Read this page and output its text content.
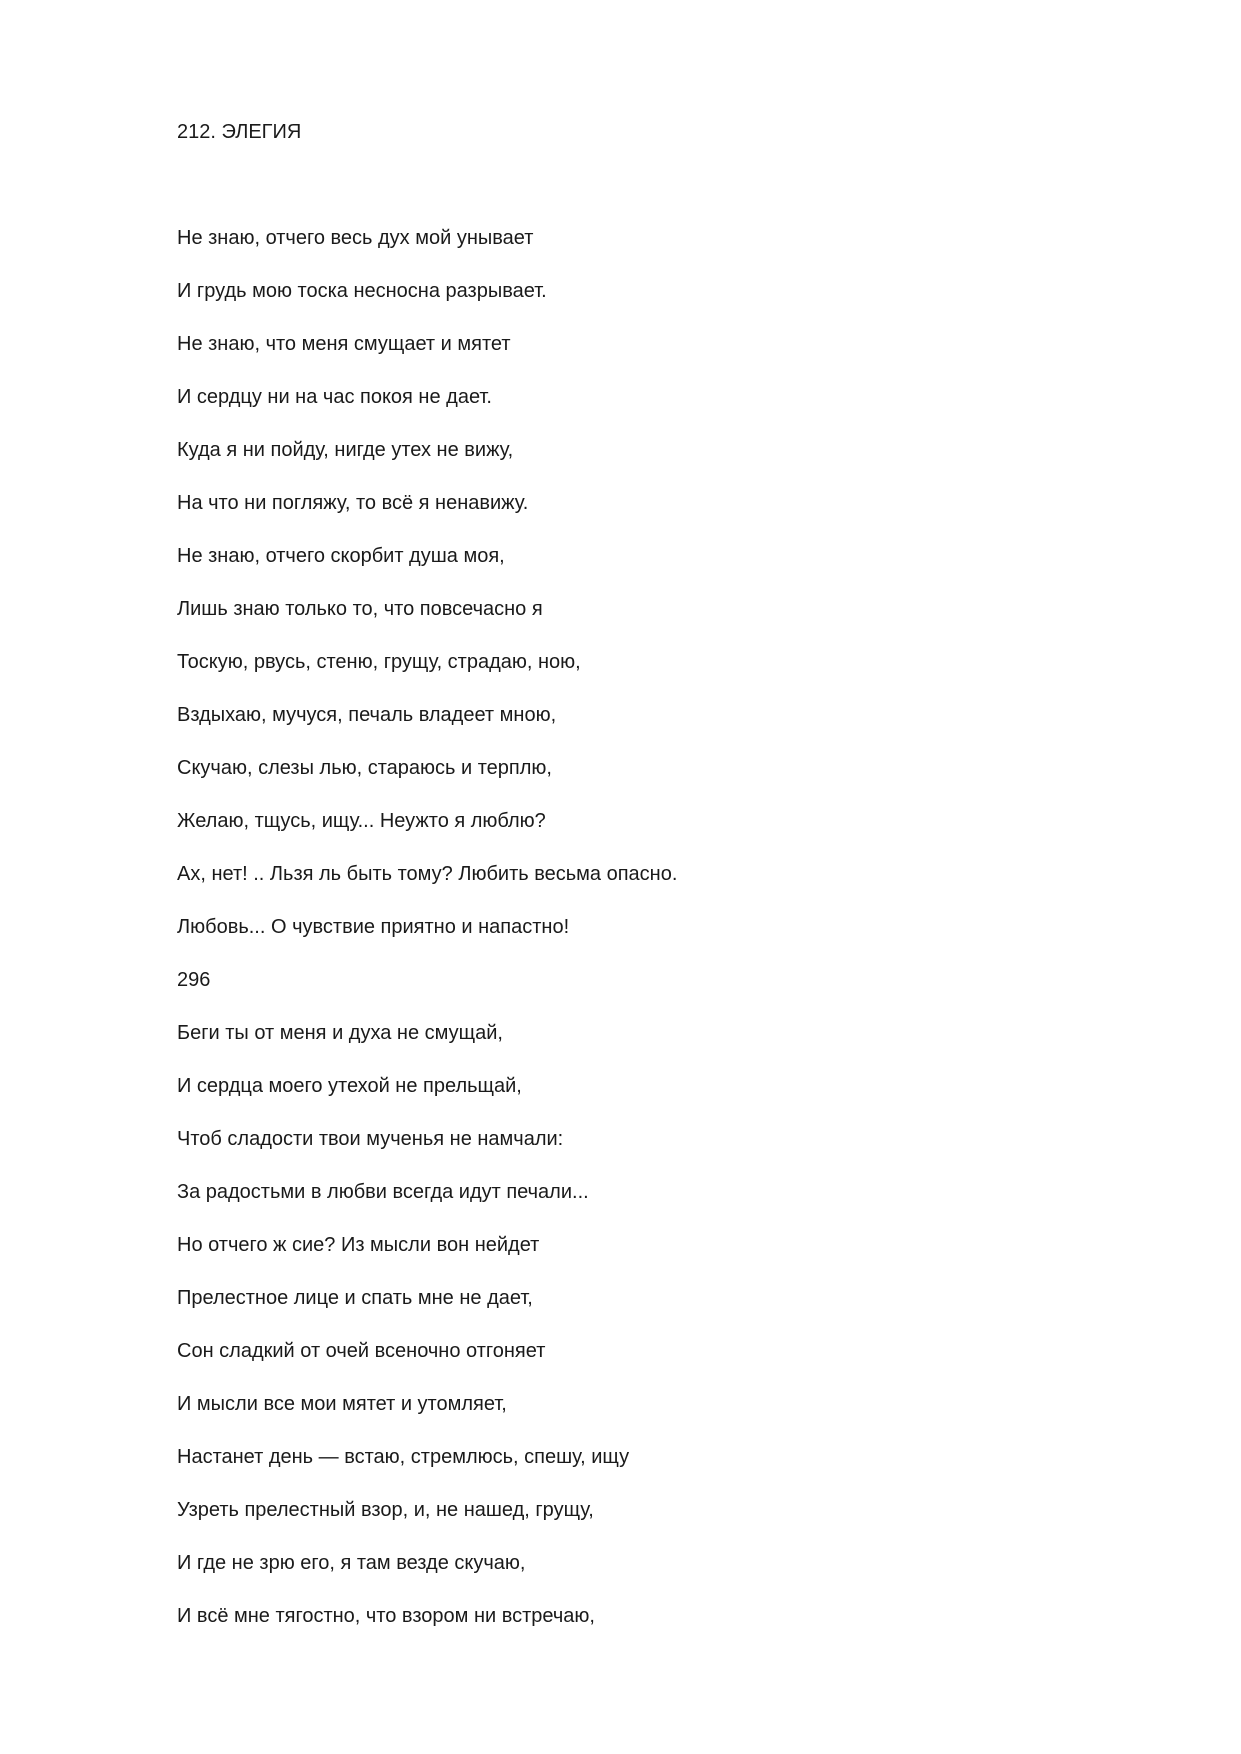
212. ЭЛЕГИЯ
Не знаю, отчего весь дух мой унывает
И грудь мою тоска несносна разрывает.
Не знаю, что меня смущает и мятет
И сердцу ни на час покоя не дает.
Куда я ни пойду, нигде утех не вижу,
На что ни погляжу, то всё я ненавижу.
Не знаю, отчего скорбит душа моя,
Лишь знаю только то, что повсечасно я
Тоскую, рвусь, стеню, грущу, страдаю, ною,
Вздыхаю, мучуся, печаль владеет мною,
Скучаю, слезы лью, стараюсь и терплю,
Желаю, тщусь, ищу... Неужто я люблю?
Ах, нет! .. Льзя ль быть тому? Любить весьма опасно.
Любовь... О чувствие приятно и напастно!
296
Беги ты от меня и духа не смущай,
И сердца моего утехой не прельщай,
Чтоб сладости твои мученья не намчали:
За радостьми в любви всегда идут печали...
Но отчего ж сие? Из мысли вон нейдет
Прелестное лице и спать мне не дает,
Сон сладкий от очей всеночно отгоняет
И мысли все мои мятет и утомляет,
Настанет день — встаю, стремлюсь, спешу, ищу
Узреть прелестный взор, и, не нашед, грущу,
И где не зрю его, я там везде скучаю,
И всё мне тягостно, что взором ни встречаю,
